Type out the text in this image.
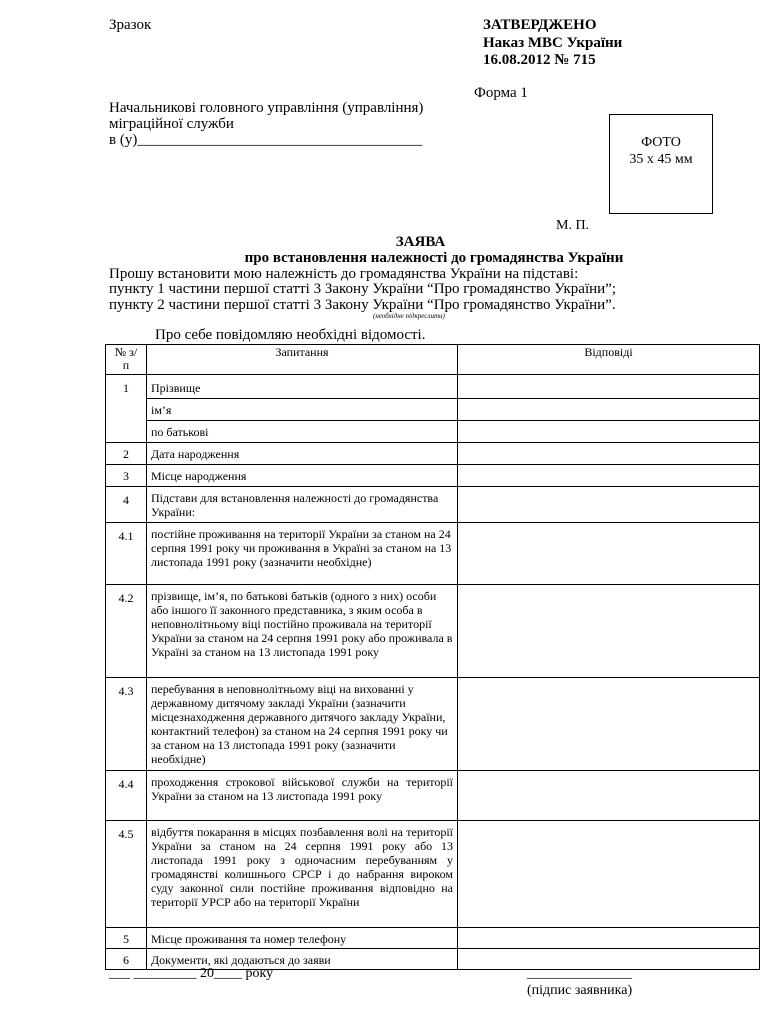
Зразок	ЗАТВЕРДЖЕНО
Наказ МВС України
16.08.2012 № 715
Форма 1
Начальникові головного управління (управління)
міграційної служби
в (у)______________________________________	ФОТО
35 х 45 мм
М. П.
ЗАЯВА
про встановлення належності до громадянства України
Прошу встановити мою належність до громадянства України на підставі:
пункту 1 частини першої статті 3 Закону України “Про громадянство України”;
пункту 2 частини першої статті 3 Закону України “Про громадянство України”.
(необхідне підкреслити)
Про себе повідомляю необхідні відомості.
№ з/п	Запитання	Відповіді
1	Прізвище	
	ім’я	
	по батькові	
2	Дата народження	
3	Місце народження	
4	Підстави для встановлення належності до громадянства України:	
4.1	постійне проживання на території України за станом на 24 серпня 1991 року чи проживання в Україні за станом на 13 листопада 1991 року (зазначити необхідне)	
4.2	прізвище, ім’я, по батькові батьків (одного з них) особи або іншого її законного представника, з яким особа в неповнолітньому віці постійно проживала на території України за станом на 24 серпня 1991 року або проживала в Україні за станом на 13 листопада 1991 року	
4.3	перебування в неповнолітньому віці на вихованні у державному дитячому закладі України (зазначити місцезнаходження державного дитячого закладу України, контактний телефон) за станом на 24 серпня 1991 року чи за станом на 13 листопада 1991 року (зазначити необхідне)	
4.4	проходження строкової військової служби на території України за станом на 13 листопада 1991 року	
4.5	відбуття покарання в місцях позбавлення волі на території України за станом на 24 серпня 1991 року або 13 листопада 1991 року з одночасним перебуванням у громадянстві колишнього СРСР і до набрання вироком суду законної сили постійне проживання відповідно на території УРСР або на території України	
5	Місце проживання та номер телефону	
6	Документи, які додаються до заяви	
___ _________ 20____ року	_______________
(підпис заявника)
